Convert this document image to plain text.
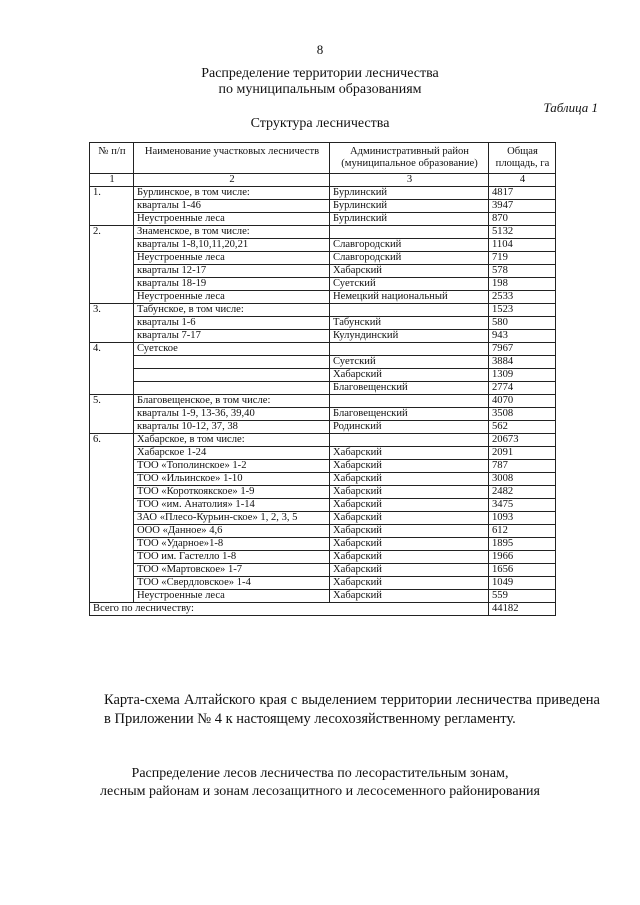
8
Распределение территории лесничества
по муниципальным образованиям
Таблица 1
Структура лесничества
№ п/п	Наименование участковых лесничеств	Административный район (муниципальное образование)	Общая площадь, га
1	2	3	4
1.	Бурлинское, в том числе:	Бурлинский	4817
	кварталы 1-46	Бурлинский	3947
	Неустроенные леса	Бурлинский	870
2.	Знаменское, в том числе:		5132
	кварталы 1-8,10,11,20,21	Славгородский	1104
	Неустроенные леса	Славгородский	719
	кварталы 12-17	Хабарский	578
	кварталы 18-19	Суетский	198
	Неустроенные леса	Немецкий национальный	2533
3.	Табунское, в том числе:		1523
	кварталы 1-6	Табунский	580
	кварталы 7-17	Кулундинский	943
4.	Суетское		7967
		Суетский	3884
		Хабарский	1309
		Благовещенский	2774
5.	Благовещенское, в том числе:		4070
	кварталы 1-9, 13-36, 39,40	Благовещенский	3508
	кварталы 10-12, 37, 38	Родинский	562
6.	Хабарское, в том числе:		20673
	Хабарское 1-24	Хабарский	2091
	ТОО «Тополинское» 1-2	Хабарский	787
	ТОО «Ильинское» 1-10	Хабарский	3008
	ТОО «Короткоякское» 1-9	Хабарский	2482
	ТОО «им. Анатолия» 1-14	Хабарский	3475
	ЗАО «Плесо-Курьин-ское» 1, 2, 3, 5	Хабарский	1093
	ООО «Данное» 4,6	Хабарский	612
	ТОО «Ударное»1-8	Хабарский	1895
	ТОО им. Гастелло 1-8	Хабарский	1966
	ТОО «Мартовское» 1-7	Хабарский	1656
	ТОО «Свердловское» 1-4	Хабарский	1049
	Неустроенные леса	Хабарский	559
Всего по лесничеству:			44182
Карта-схема Алтайского края с выделением территории лесничества приведена в Приложении № 4 к настоящему лесохозяйственному регламенту.
Распределение лесов лесничества по лесорастительным зонам,
лесным районам и зонам лесозащитного и лесосеменного районирования
